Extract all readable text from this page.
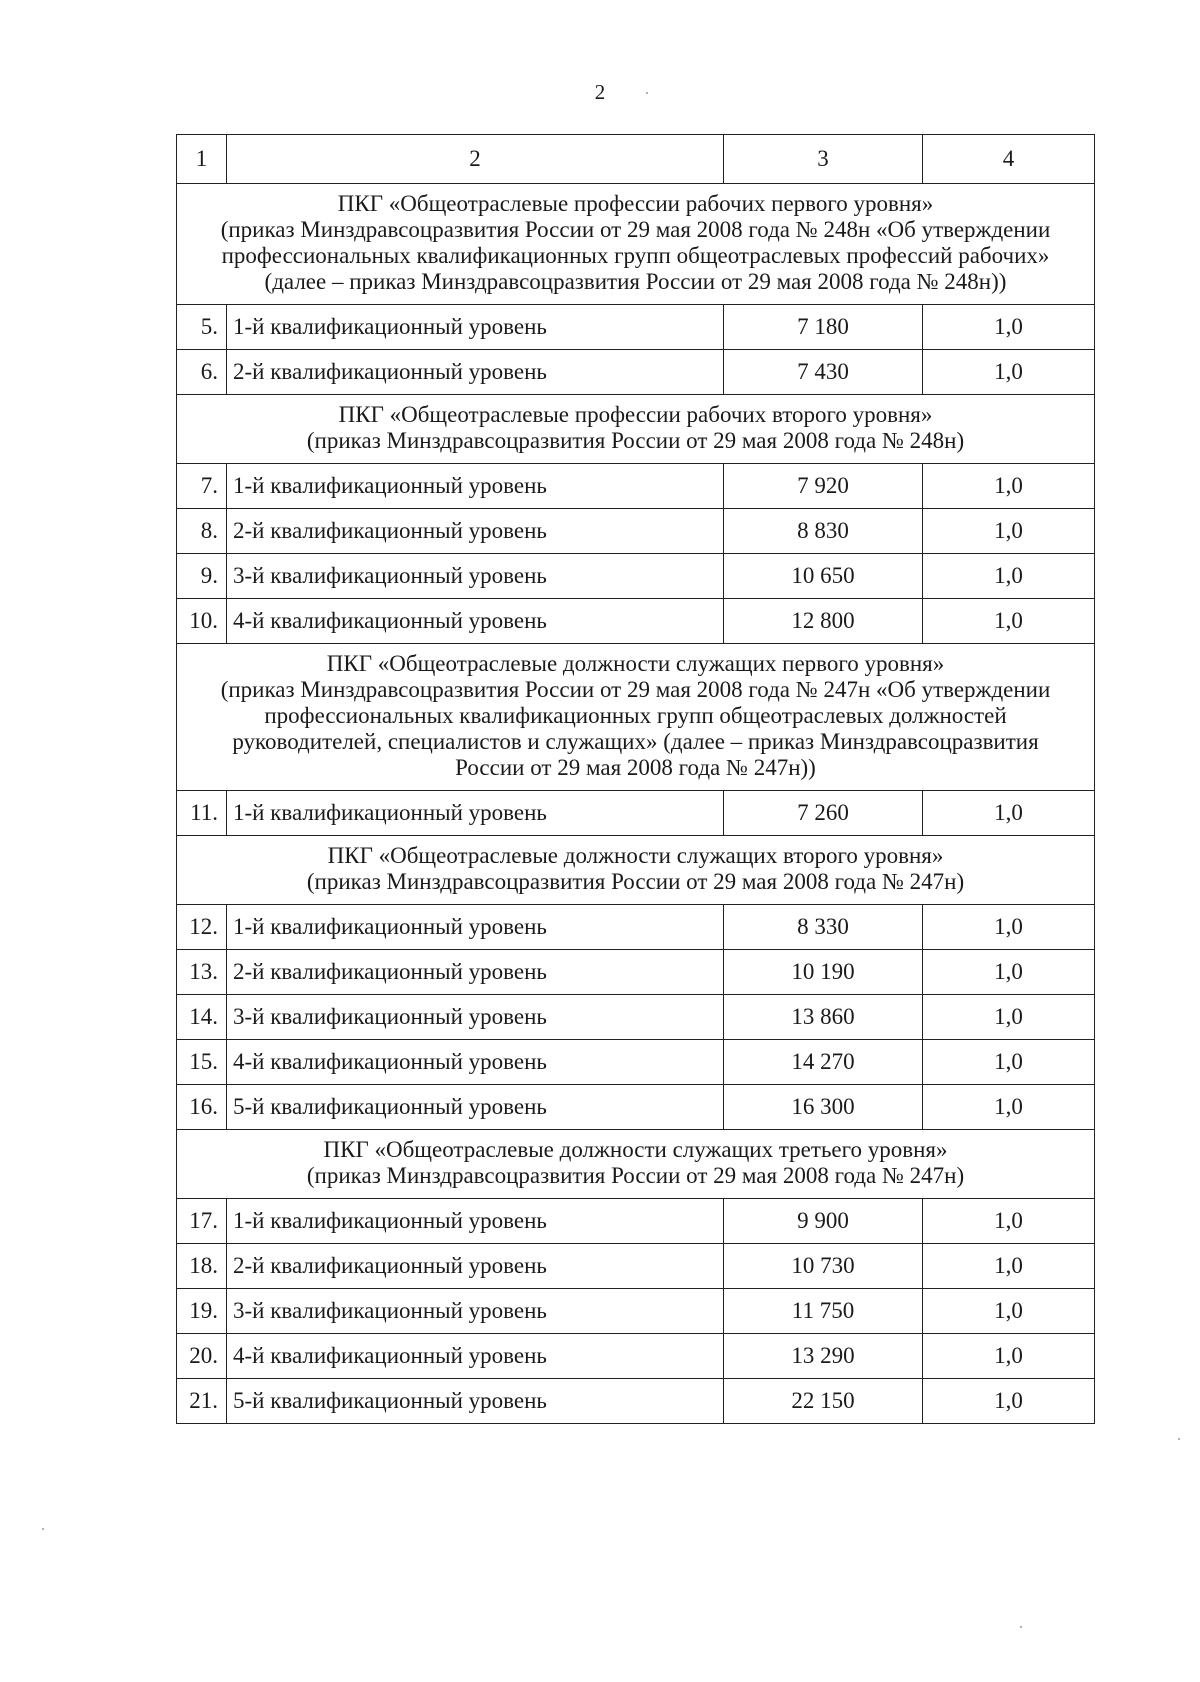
2
1	2	3	4

ПКГ «Общеотраслевые профессии рабочих первого уровня»
(приказ Минздравсоцразвития России от 29 мая 2008 года № 248н «Об утверждении
профессиональных квалификационных групп общеотраслевых профессий рабочих»
(далее – приказ Минздравсоцразвития России от 29 мая 2008 года № 248н))			

5.	1-й квалификационный уровень	7 180	1,0
6.	2-й квалификационный уровень	7 430	1,0

ПКГ «Общеотраслевые профессии рабочих второго уровня»
(приказ Минздравсоцразвития России от 29 мая 2008 года № 248н)			

7.	1-й квалификационный уровень	7 920	1,0
8.	2-й квалификационный уровень	8 830	1,0
9.	3-й квалификационный уровень	10 650	1,0
10.	4-й квалификационный уровень	12 800	1,0

ПКГ «Общеотраслевые должности служащих первого уровня»
(приказ Минздравсоцразвития России от 29 мая 2008 года № 247н «Об утверждении
профессиональных квалификационных групп общеотраслевых должностей
руководителей, специалистов и служащих» (далее – приказ Минздравсоцразвития
России от 29 мая 2008 года № 247н))			

11.	1-й квалификационный уровень	7 260	1,0

ПКГ «Общеотраслевые должности служащих второго уровня»
(приказ Минздравсоцразвития России от 29 мая 2008 года № 247н)			

12.	1-й квалификационный уровень	8 330	1,0
13.	2-й квалификационный уровень	10 190	1,0
14.	3-й квалификационный уровень	13 860	1,0
15.	4-й квалификационный уровень	14 270	1,0
16.	5-й квалификационный уровень	16 300	1,0

ПКГ «Общеотраслевые должности служащих третьего уровня»
(приказ Минздравсоцразвития России от 29 мая 2008 года № 247н)			

17.	1-й квалификационный уровень	9 900	1,0
18.	2-й квалификационный уровень	10 730	1,0
19.	3-й квалификационный уровень	11 750	1,0
20.	4-й квалификационный уровень	13 290	1,0
21.	5-й квалификационный уровень	22 150	1,0
